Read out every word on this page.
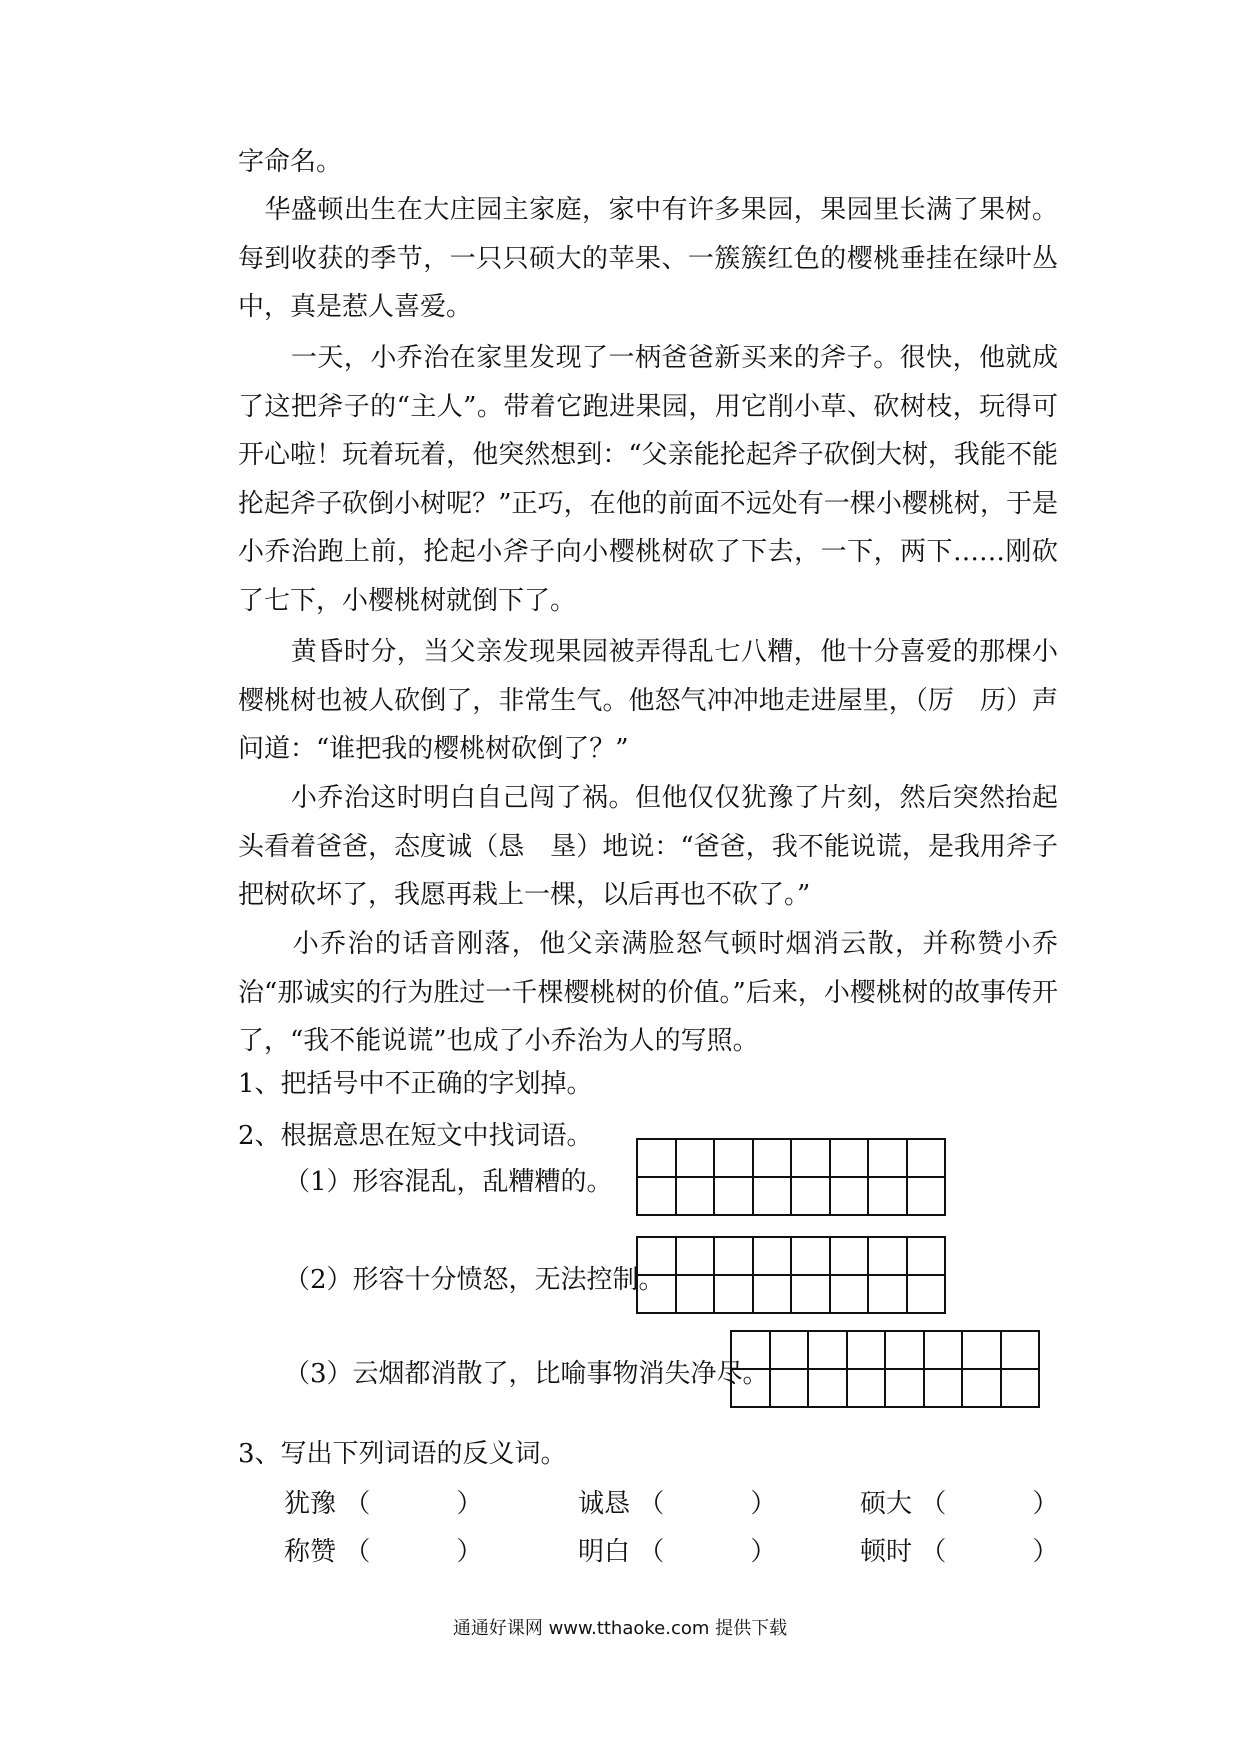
字命名。

　华盛顿出生在大庄园主家庭，家中有许多果园，果园里长满了果树。每到收获的季节，一只只硕大的苹果、一簇簇红色的樱桃垂挂在绿叶丛中，真是惹人喜爱。

　　一天，小乔治在家里发现了一柄爸爸新买来的斧子。很快，他就成了这把斧子的“主人”。带着它跑进果园，用它削小草、砍树枝，玩得可开心啦！玩着玩着，他突然想到：“父亲能抡起斧子砍倒大树，我能不能抡起斧子砍倒小树呢？”正巧，在他的前面不远处有一棵小樱桃树，于是小乔治跑上前，抡起小斧子向小樱桃树砍了下去，一下，两下……刚砍了七下，小樱桃树就倒下了。

　　黄昏时分，当父亲发现果园被弄得乱七八糟，他十分喜爱的那棵小樱桃树也被人砍倒了，非常生气。他怒气冲冲地走进屋里，（厉　历）声问道：“谁把我的樱桃树砍倒了？”

　　小乔治这时明白自己闯了祸。但他仅仅犹豫了片刻，然后突然抬起头看着爸爸，态度诚（恳　垦）地说：“爸爸，我不能说谎，是我用斧子把树砍坏了，我愿再栽上一棵，以后再也不砍了。”

　　小乔治的话音刚落，他父亲满脸怒气顿时烟消云散，并称赞小乔治“那诚实的行为胜过一千棵樱桃树的价值。”后来，小樱桃树的故事传开了，“我不能说谎”也成了小乔治为人的写照。

1、把括号中不正确的字划掉。

2、根据意思在短文中找词语。

（1）形容混乱，乱糟糟的。

（2）形容十分愤怒，无法控制。

（3）云烟都消散了，比喻事物消失净尽。

3、写出下列词语的反义词。

犹豫 （　　　 ）	诚恳 （　　　 ）	硕大 （　　　 ）
称赞 （　　　 ）	明白 （　　　 ）	顿时 （　　　 ）
通通好课网 www.tthaoke.com 提供下载
